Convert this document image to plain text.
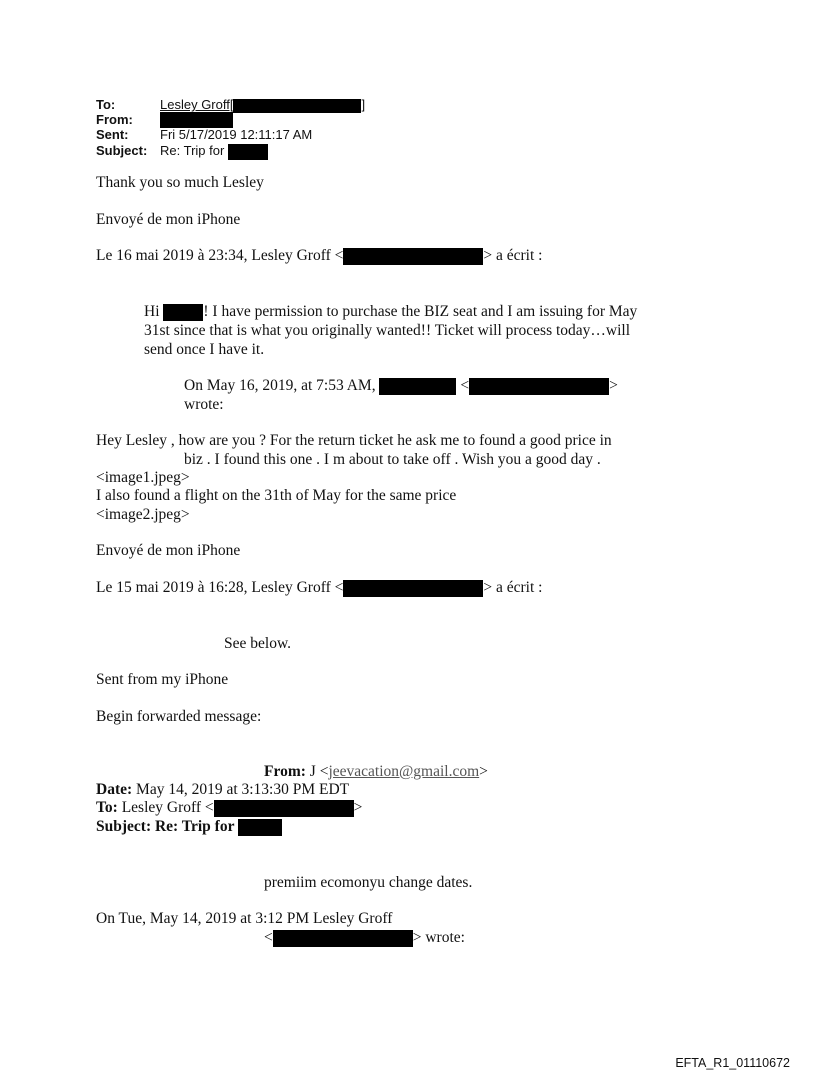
To:	Lesley Groff[	]
From:
Sent: Fri 5/17/2019 12:11:17 AM
Subject: Re: Trip for
Thank you so much Lesley
Envoyé de mon iPhone
Le 16 mai 2019 à 23:34, Lesley Groff <	> a écrit :
Hi	! I have permission to purchase the BIZ seat and I am issuing for May
31st since that is what you originally wanted!! Ticket will process today…will
send once I have it.
On May 16, 2019, at 7:53 AM,	<	>
wrote:
Hey Lesley , how are you ? For the return ticket he ask me to found a good price in
biz . I found this one . I m about to take off . Wish you a good day .
<image1.jpeg>
I also found a flight on the 31th of May for the same price
<image2.jpeg>
Envoyé de mon iPhone
Le 15 mai 2019 à 16:28, Lesley Groff <	> a écrit :
See below.
Sent from my iPhone
Begin forwarded message:
From: J <jeevacation@gmail.com>
Date: May 14, 2019 at 3:13:30 PM EDT
To: Lesley Groff <	>
Subject: Re: Trip for
premiim ecomonyu change dates.
On Tue, May 14, 2019 at 3:12 PM Lesley Groff
<	> wrote:
EFTA_R1_01110672
